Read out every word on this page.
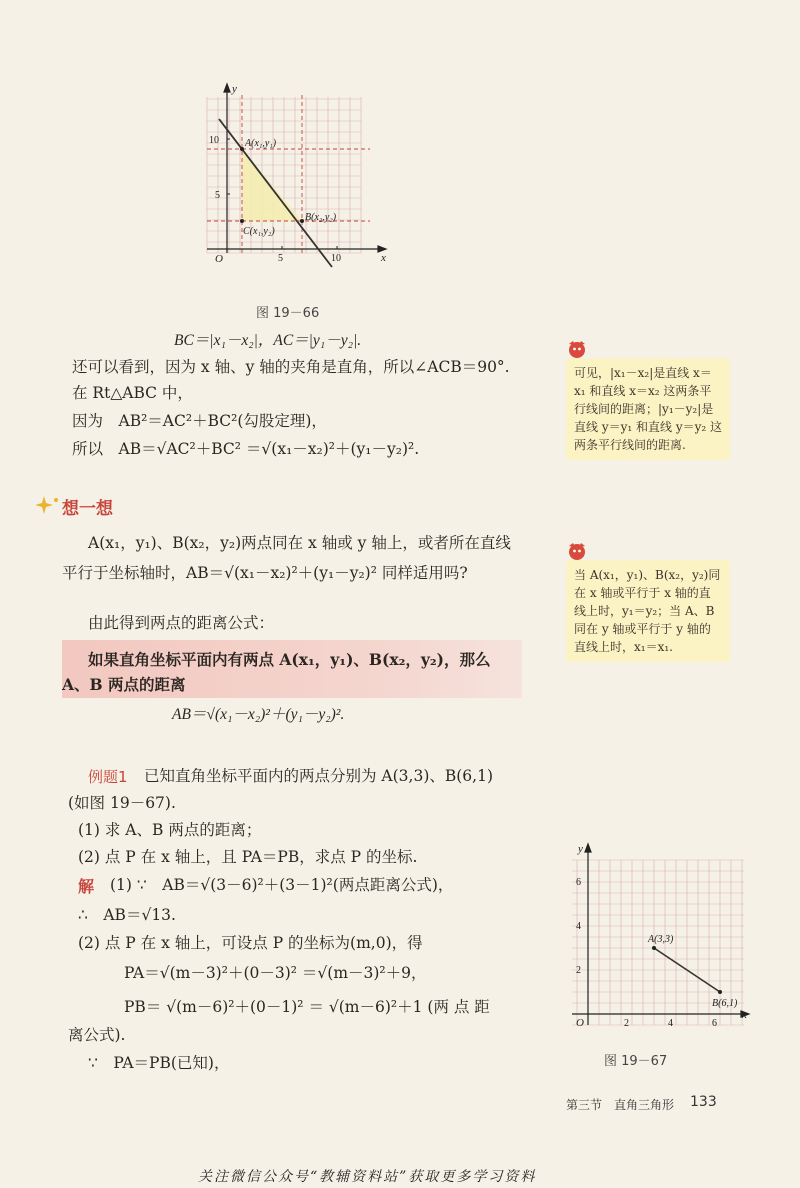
y
x
O	5	10
5
10	A(x₁,y₁)
B(x₂,y₂)
C(x₁,y₂)
图 19－66
BC＝|x₁－x₂|，AC＝|y₁－y₂|.
还可以看到，因为 x 轴、y 轴的夹角是直角，所以∠ACB＝90°.
在 Rt△ABC 中，
因为　AB²＝AC²＋BC²(勾股定理)，
所以　AB＝√AC²＋BC² ＝√(x₁－x₂)²＋(y₁－y₂)².
可见，|x₁－x₂|是直线 x＝x₁ 和直线 x＝x₂ 这两条平行线间的距离；|y₁－y₂|是直线 y＝y₁ 和直线 y＝y₂ 这两条平行线间的距离.
想一想
A(x₁，y₁)、B(x₂，y₂)两点同在 x 轴或 y 轴上，或者所在直线
平行于坐标轴时，AB＝√(x₁－x₂)²＋(y₁－y₂)² 同样适用吗?	当 A(x₁，y₁)、B(x₂，y₂)同在 x 轴或平行于 x 轴的直线上时，y₁＝y₂；当 A、B 同在 y 轴或平行于 y 轴的直线上时，x₁＝x₁.
由此得到两点的距离公式：
如果直角坐标平面内有两点 A(x₁，y₁)、B(x₂，y₂)，那么
A、B 两点的距离
AB＝√(x₁－x₂)²＋(y₁－y₂)².
例题1 已知直角坐标平面内的两点分别为 A(3,3)、B(6,1)
(如图 19－67).
(1) 求 A、B 两点的距离；
(2) 点 P 在 x 轴上，且 PA＝PB，求点 P 的坐标.
解 (1) ∵　AB＝√(3－6)²＋(3－1)²(两点距离公式)，
∴　AB＝√13.
(2) 点 P 在 x 轴上，可设点 P 的坐标为(m,0)，得
PA＝√(m－3)²＋(0－3)² ＝√(m－3)²＋9，
PB＝ √(m－6)²＋(0－1)² ＝ √(m－6)²＋1 (两 点 距
离公式).
∵　PA＝PB(已知)，
y
x
O	2	4	6
2
4
6
A(3,3)
B(6,1)
图 19－67
第三节　直角三角形 133
关注微信公众号“教辅资料站”获取更多学习资料
